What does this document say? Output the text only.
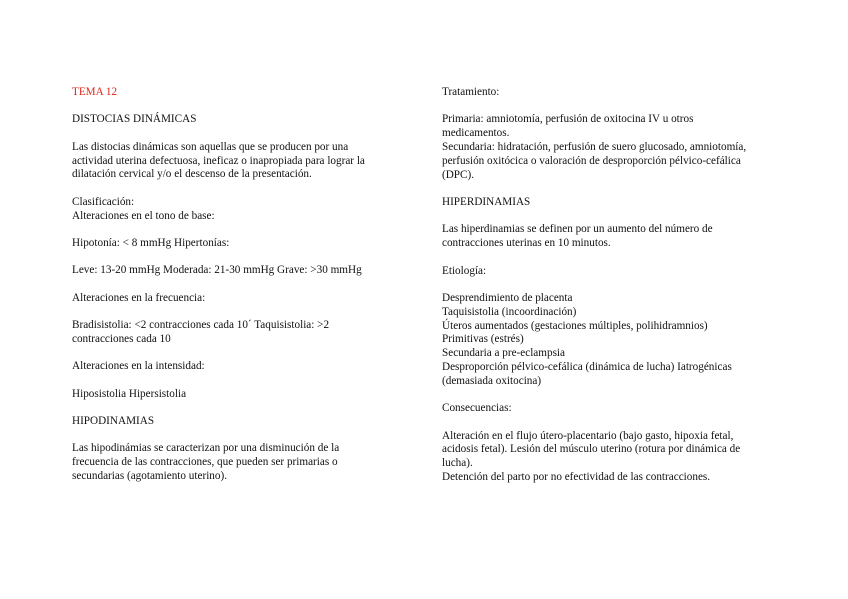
TEMA 12

DISTOCIAS DINÁMICAS

Las distocias dinámicas son aquellas que se producen por una
actividad uterina defectuosa, ineficaz o inapropiada para lograr la
dilatación cervical y/o el descenso de la presentación.

Clasificación:
Alteraciones en el tono de base:

Hipotonía: < 8 mmHg Hipertonías:

Leve: 13-20 mmHg Moderada: 21-30 mmHg Grave: >30 mmHg

Alteraciones en la frecuencia:

Bradisistolia: <2 contracciones cada 10´ Taquisistolia: >2
contracciones cada 10

Alteraciones en la intensidad:

Hiposistolia Hipersistolia

HIPODINAMIAS

Las hipodinámias se caracterizan por una disminución de la
frecuencia de las contracciones, que pueden ser primarias o
secundarias (agotamiento uterino).

Tratamiento:

Primaria: amniotomía, perfusión de oxitocina IV u otros
medicamentos.
Secundaria: hidratación, perfusión de suero glucosado, amniotomía,
perfusión oxitócica o valoración de desproporción pélvico-cefálica
(DPC).

HIPERDINAMIAS

Las hiperdinamias se definen por un aumento del número de
contracciones uterinas en 10 minutos.

Etiología:

Desprendimiento de placenta
Taquisistolia (incoordinación)
Úteros aumentados (gestaciones múltiples, polihidramnios)
Primitivas (estrés)
Secundaria a pre-eclampsia
Desproporción pélvico-cefálica (dinámica de lucha) Iatrogénicas
(demasiada oxitocina)

Consecuencias:

Alteración en el flujo útero-placentario (bajo gasto, hipoxia fetal,
acidosis fetal). Lesión del músculo uterino (rotura por dinámica de
lucha).
Detención del parto por no efectividad de las contracciones.
